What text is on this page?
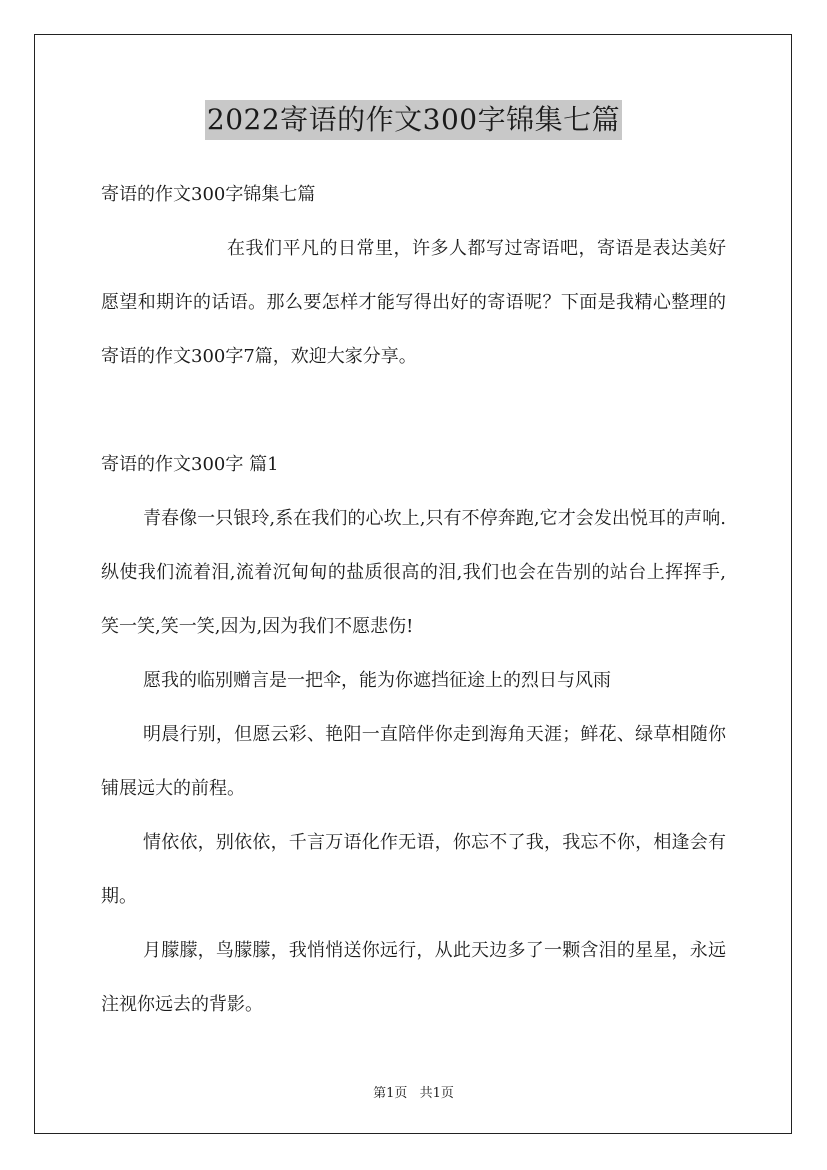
2022寄语的作文300字锦集七篇

寄语的作文300字锦集七篇

在我们平凡的日常里，许多人都写过寄语吧，寄语是表达美好愿望和期许的话语。那么要怎样才能写得出好的寄语呢？下面是我精心整理的寄语的作文300字7篇，欢迎大家分享。

寄语的作文300字 篇1

青春像一只银玲,系在我们的心坎上,只有不停奔跑,它才会发出悦耳的声响. 纵使我们流着泪,流着沉甸甸的盐质很高的泪,我们也会在告别的站台上挥挥手,笑一笑,笑一笑,因为,因为我们不愿悲伤!

愿我的临别赠言是一把伞，能为你遮挡征途上的烈日与风雨

明晨行别，但愿云彩、艳阳一直陪伴你走到海角天涯；鲜花、绿草相随你铺展远大的前程。

情依依，别依依，千言万语化作无语，你忘不了我，我忘不你，相逢会有期。

月朦朦，鸟朦朦，我悄悄送你远行，从此天边多了一颗含泪的星星，永远注视你远去的背影。

第1页 共1页
